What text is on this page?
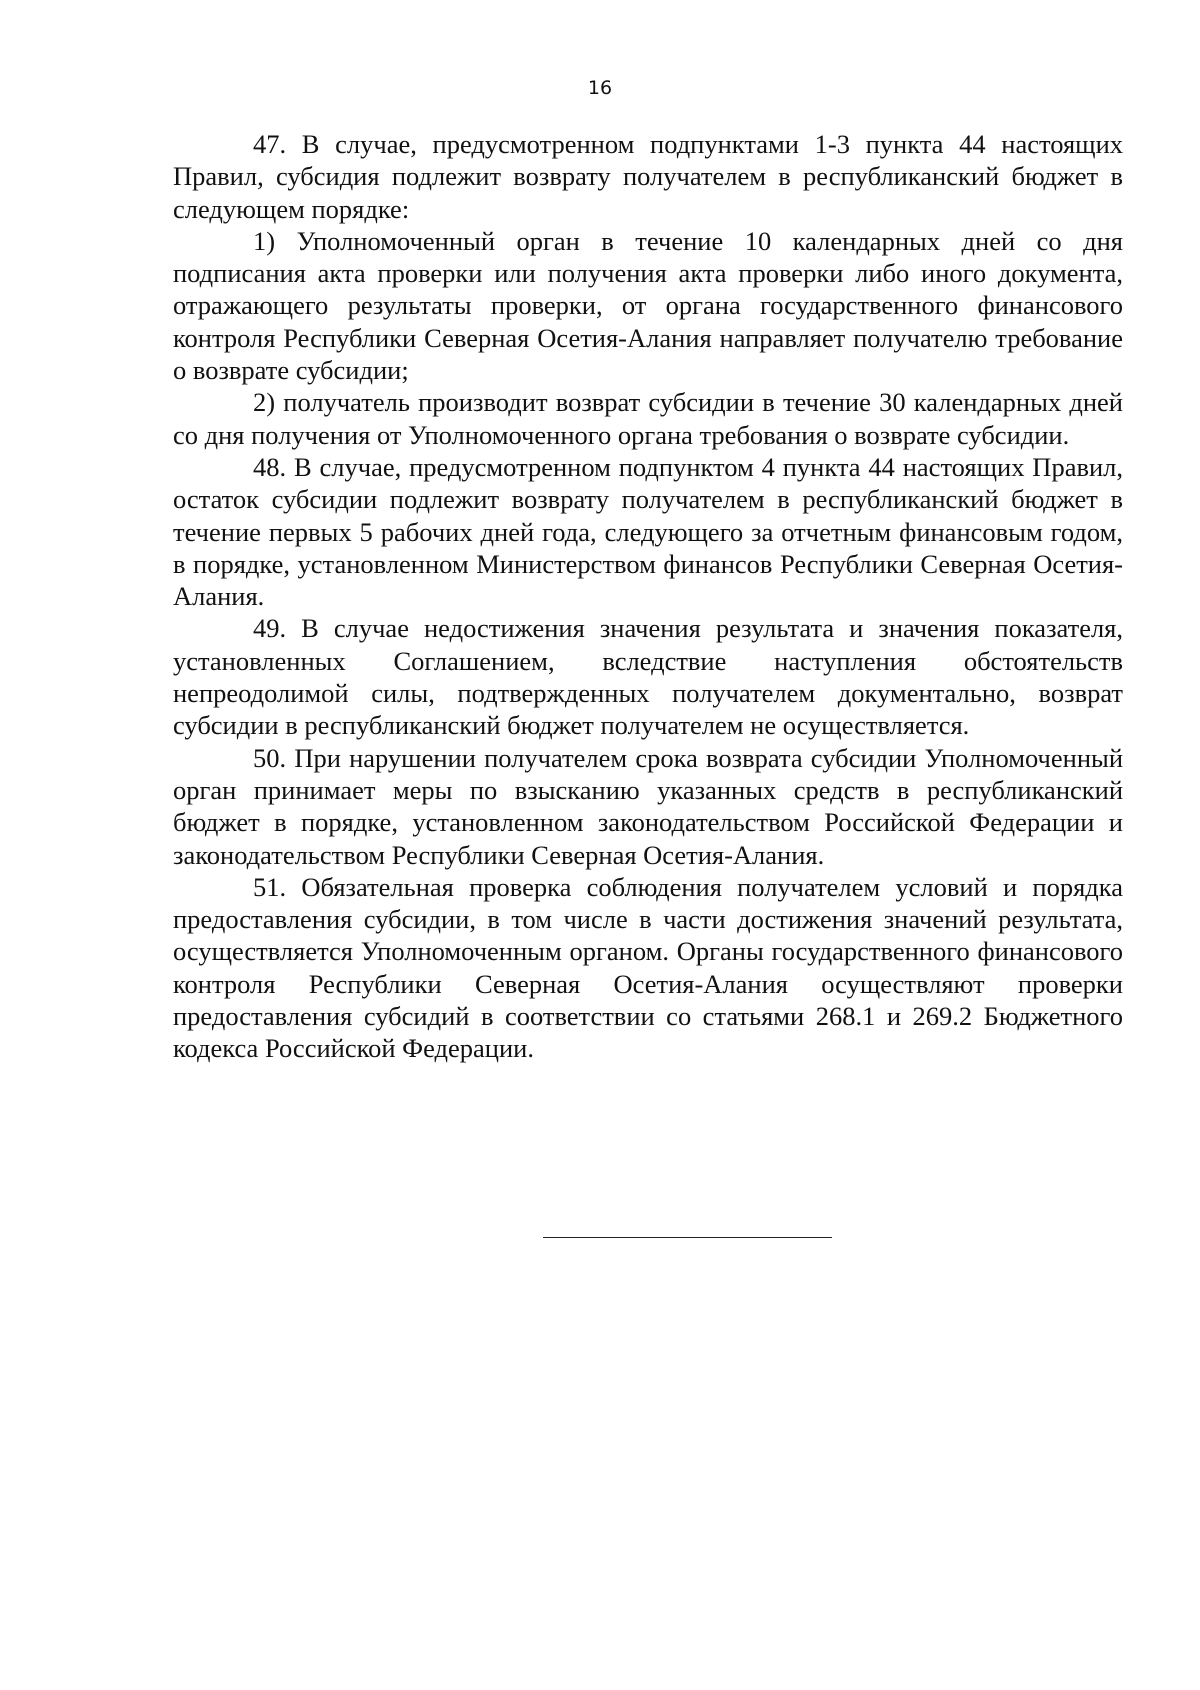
16

47. В случае, предусмотренном подпунктами 1-3 пункта 44 настоящих Правил, субсидия подлежит возврату получателем в республиканский бюджет в следующем порядке:

1) Уполномоченный орган в течение 10 календарных дней со дня подписания акта проверки или получения акта проверки либо иного документа, отражающего результаты проверки, от органа государственного финансового контроля Республики Северная Осетия-Алания направляет получателю требование о возврате субсидии;

2) получатель производит возврат субсидии в течение 30 календарных дней со дня получения от Уполномоченного органа требования о возврате субсидии.

48. В случае, предусмотренном подпунктом 4 пункта 44 настоящих Правил, остаток субсидии подлежит возврату получателем в республиканский бюджет в течение первых 5 рабочих дней года, следующего за отчетным финансовым годом, в порядке, установленном Министерством финансов Республики Северная Осетия-Алания.

49. В случае недостижения значения результата и значения показателя, установленных Соглашением, вследствие наступления обстоятельств непреодолимой силы, подтвержденных получателем документально, возврат субсидии в республиканский бюджет получателем не осуществляется.

50. При нарушении получателем срока возврата субсидии Уполномоченный орган принимает меры по взысканию указанных средств в республиканский бюджет в порядке, установленном законодательством Российской Федерации и законодательством Республики Северная Осетия-Алания.

51. Обязательная проверка соблюдения получателем условий и порядка предоставления субсидии, в том числе в части достижения значений результата, осуществляется Уполномоченным органом. Органы государственного финансового контроля Республики Северная Осетия-Алания осуществляют проверки предоставления субсидий в соответствии со статьями 268.1 и 269.2 Бюджетного кодекса Российской Федерации.
